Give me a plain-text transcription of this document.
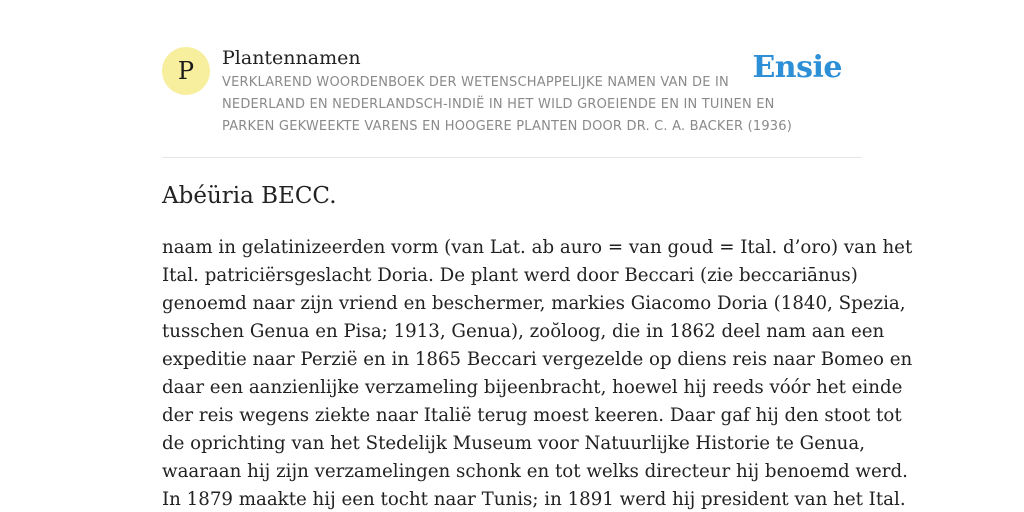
P	Plantennamen
VERKLAREND WOORDENBOEK DER WETENSCHAPPELIJKE NAMEN VAN DE IN NEDERLAND EN NEDERLANDSCH-INDIË IN HET WILD GROEIENDE EN IN TUINEN EN PARKEN GEKWEEKTE VARENS EN HOOGERE PLANTEN DOOR DR. C. A. BACKER (1936)
Ensie
Abéüria BECC.

naam in gelatinizeerden vorm (van Lat. ab auro = van goud = Ital. d’oro) van het
Ital. patriciërsgeslacht Doria. De plant werd door Beccari (zie beccariānus)
genoemd naar zijn vriend en beschermer, markies Giacomo Doria (1840, Spezia,
tusschen Genua en Pisa; 1913, Genua), zoŏloog, die in 1862 deel nam aan een
expeditie naar Perzië en in 1865 Beccari vergezelde op diens reis naar Bomeo en
daar een aanzienlijke verzameling bijeenbracht, hoewel hij reeds vóór het einde
der reis wegens ziekte naar Italië terug moest keeren. Daar gaf hij den stoot tot
de oprichting van het Stedelijk Museum voor Natuurlijke Historie te Genua,
waaraan hij zijn verzamelingen schonk en tot welks directeur hij benoemd werd.
In 1879 maakte hij een tocht naar Tunis; in 1891 werd hij president van het Ital.
